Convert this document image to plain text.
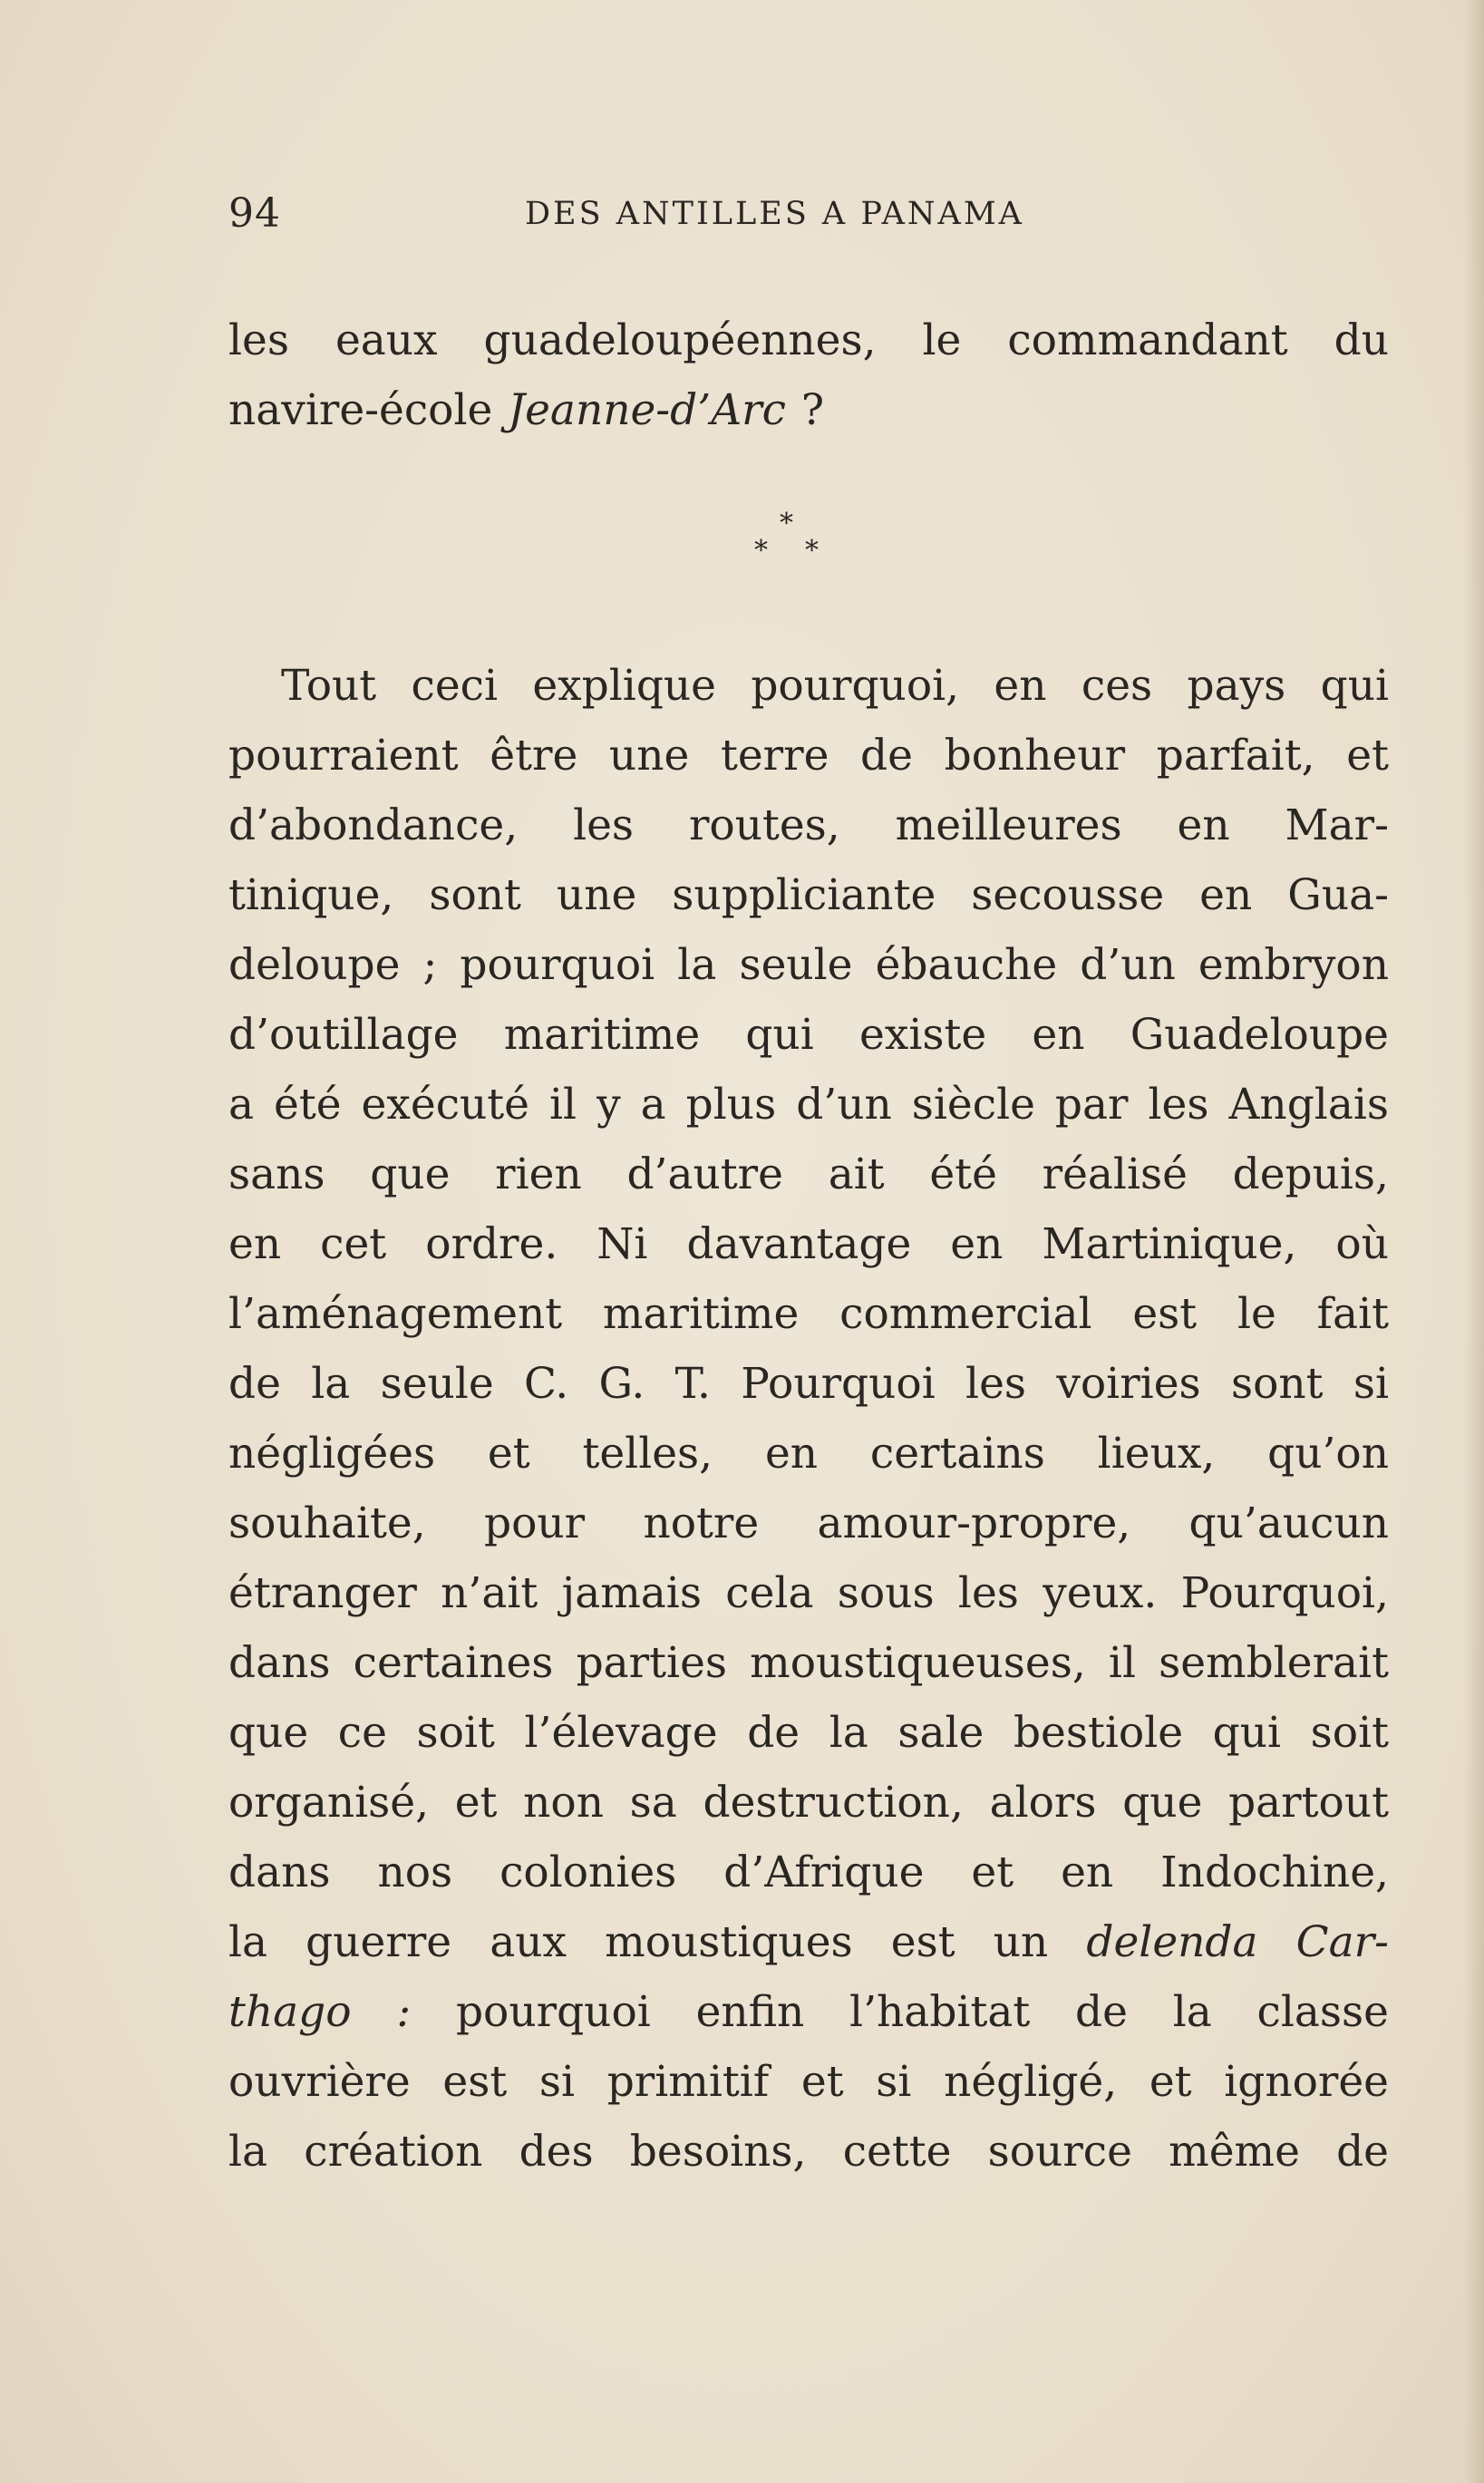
94	DES ANTILLES A PANAMA
les eaux guadeloupéennes, le commandant du
navire-école Jeanne-d’Arc ?
*
* *
Tout ceci explique pourquoi, en ces pays qui
pourraient être une terre de bonheur parfait, et
d’abondance, les routes, meilleures en Mar-
tinique, sont une suppliciante secousse en Gua-
deloupe ; pourquoi la seule ébauche d’un embryon
d’outillage maritime qui existe en Guadeloupe
a été exécuté il y a plus d’un siècle par les Anglais
sans que rien d’autre ait été réalisé depuis,
en cet ordre. Ni davantage en Martinique, où
l’aménagement maritime commercial est le fait
de la seule C. G. T. Pourquoi les voiries sont si
négligées et telles, en certains lieux, qu’on
souhaite, pour notre amour-propre, qu’aucun
étranger n’ait jamais cela sous les yeux. Pourquoi,
dans certaines parties moustiqueuses, il semblerait
que ce soit l’élevage de la sale bestiole qui soit
organisé, et non sa destruction, alors que partout
dans nos colonies d’Afrique et en Indochine,
la guerre aux moustiques est un delenda Car-
thago : pourquoi enfin l’habitat de la classe
ouvrière est si primitif et si négligé, et ignorée
la création des besoins, cette source même de
